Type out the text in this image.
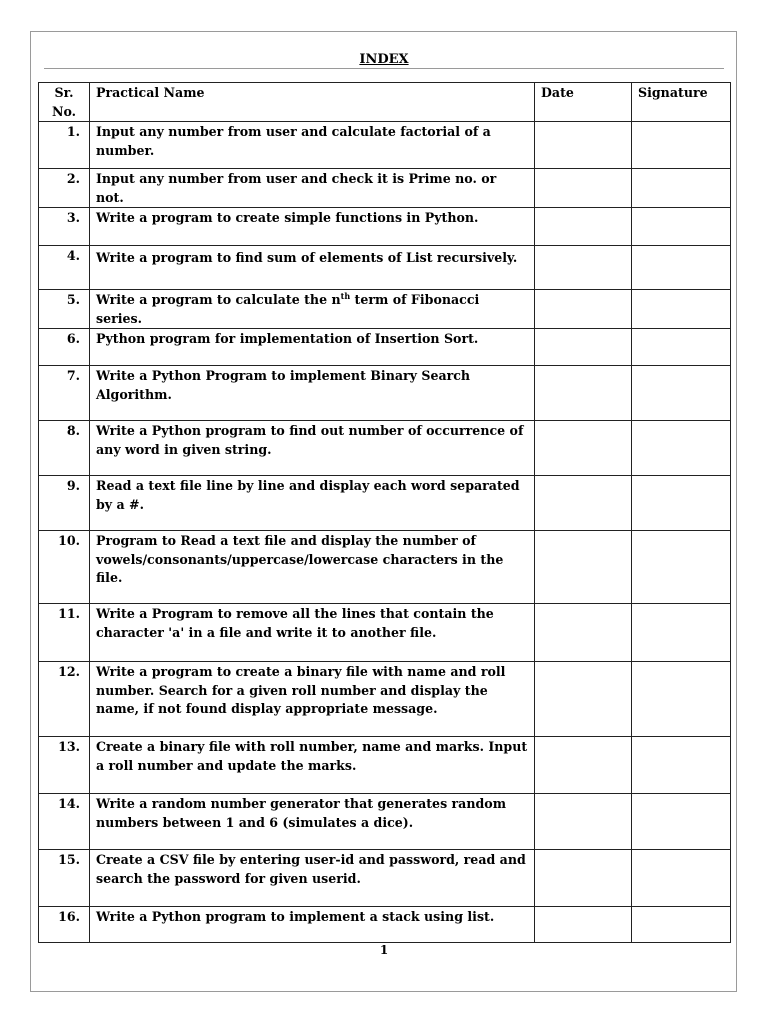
INDEX
Sr. No.	Practical Name	Date	Signature
1.	Input any number from user and calculate factorial of a number.		
2.	Input any number from user and check it is Prime no. or not.		
3.	Write a program to create simple functions in Python.		
4.	Write a program to find sum of elements of List recursively.		
5.	Write a program to calculate the $n^{th}$ term of Fibonacci series.		
6.	Python program for implementation of Insertion Sort.		
7.	Write a Python Program to implement Binary Search Algorithm.		
8.	Write a Python program to find out number of occurrence of any word in given string.		
9.	Read a text file line by line and display each word separated by a #.		
10.	Program to Read a text file and display the number of vowels/consonants/uppercase/lowercase characters in the file.		
11.	Write a Program to remove all the lines that contain the character 'a' in a file and write it to another file.		
12.	Write a program to create a binary file with name and roll number. Search for a given roll number and display the name, if not found display appropriate message.		
13.	Create a binary file with roll number, name and marks. Input a roll number and update the marks.		
14.	Write a random number generator that generates random numbers between 1 and 6 (simulates a dice).		
15.	Create a CSV file by entering user-id and password, read and search the password for given userid.		
16.	Write a Python program to implement a stack using list.		
1
